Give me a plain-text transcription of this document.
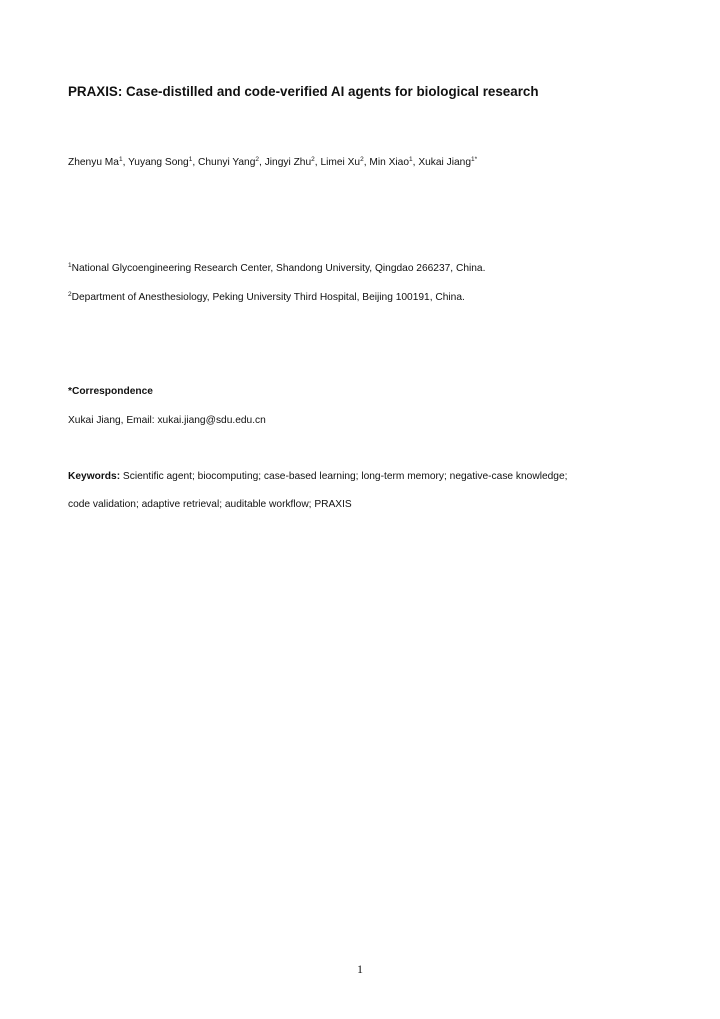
PRAXIS: Case-distilled and code-verified AI agents for biological research
Zhenyu Ma$^1$, Yuyang Song$^1$, Chunyi Yang$^2$, Jingyi Zhu$^2$, Limei Xu$^2$, Min Xiao$^1$, Xukai Jiang$^{1*}$
$^1$National Glycoengineering Research Center, Shandong University, Qingdao 266237, China.
$^2$Department of Anesthesiology, Peking University Third Hospital, Beijing 100191, China.
*Correspondence
Xukai Jiang, Email: xukai.jiang@sdu.edu.cn
Keywords: Scientific agent; biocomputing; case-based learning; long-term memory; negative-case knowledge;
code validation; adaptive retrieval; auditable workflow; PRAXIS
1
